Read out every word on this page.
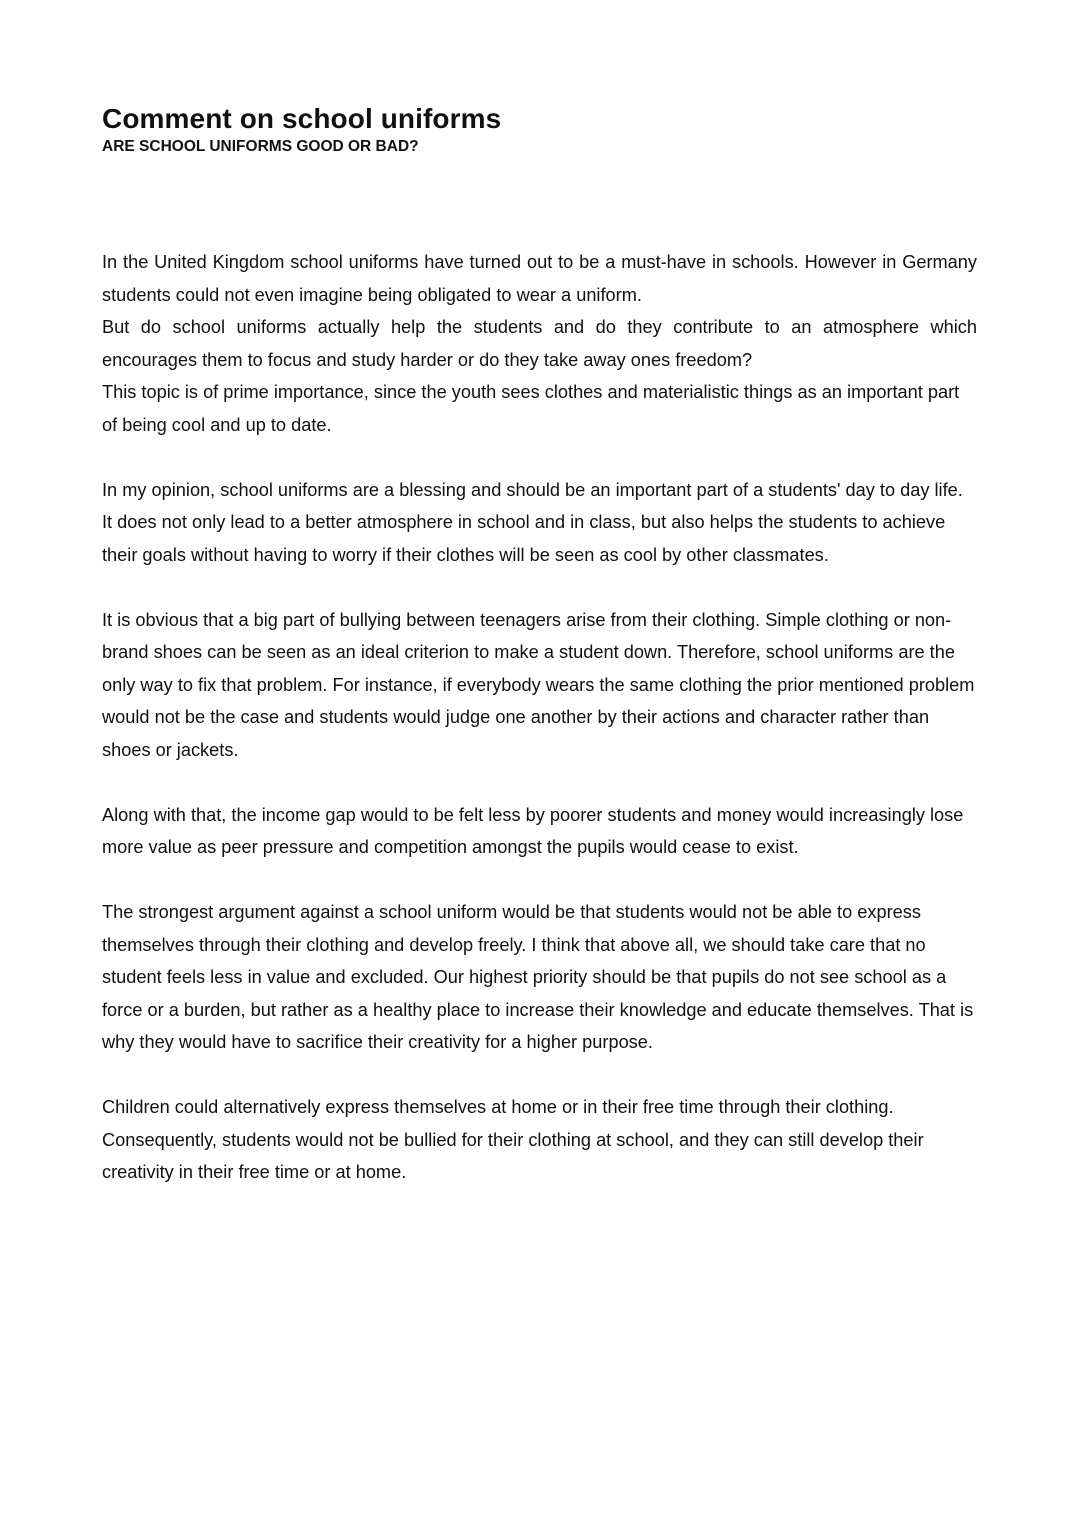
Comment on school uniforms
ARE SCHOOL UNIFORMS GOOD OR BAD?
In the United Kingdom school uniforms have turned out to be a must-have in schools. However in Germany students could not even imagine being obligated to wear a uniform.
But do school uniforms actually help the students and do they contribute to an atmosphere which encourages them to focus and study harder or do they take away ones freedom?
This topic is of prime importance, since the youth sees clothes and materialistic things as an important part of being cool and up to date.
In my opinion, school uniforms are a blessing and should be an important part of a students' day to day life. It does not only lead to a better atmosphere in school and in class, but also helps the students to achieve their goals without having to worry if their clothes will be seen as cool by other classmates.
It is obvious that a big part of bullying between teenagers arise from their clothing. Simple clothing or non-brand shoes can be seen as an ideal criterion to make a student down. Therefore, school uniforms are the only way to fix that problem. For instance, if everybody wears the same clothing the prior mentioned problem would not be the case and students would judge one another by their actions and character rather than shoes or jackets.
Along with that, the income gap would to be felt less by poorer students and money would increasingly lose more value as peer pressure and competition amongst the pupils would cease to exist.
The strongest argument against a school uniform would be that students would not be able to express themselves through their clothing and develop freely. I think that above all, we should take care that no student feels less in value and excluded. Our highest priority should be that pupils do not see school as a force or a burden, but rather as a healthy place to increase their knowledge and educate themselves. That is why they would have to sacrifice their creativity for a higher purpose.
Children could alternatively express themselves at home or in their free time through their clothing. Consequently, students would not be bullied for their clothing at school, and they can still develop their creativity in their free time or at home.
